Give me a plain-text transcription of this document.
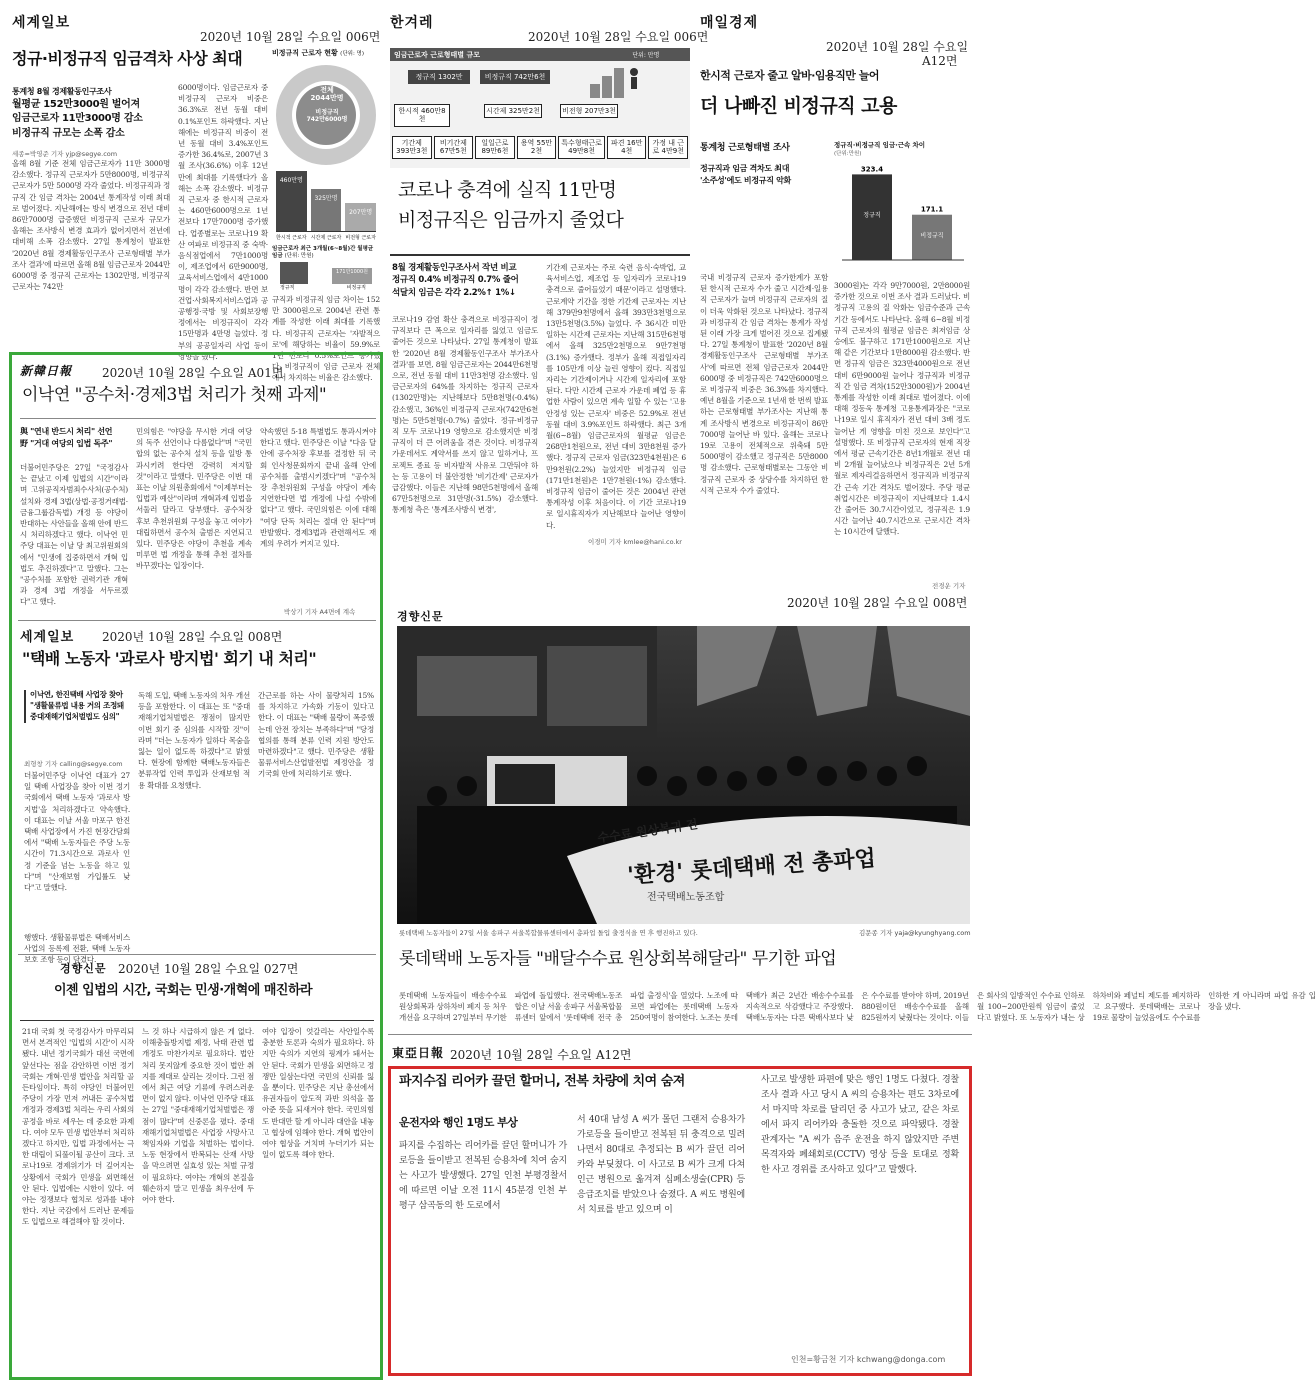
세계일보
2020년 10월 28일 수요일 006면
정규·비정규직 임금격차 사상 최대
통계청 8월 경제활동인구조사
월평균 152만3000원 벌어져
임금근로자 11만3000명 감소
비정규직 규모는 소폭 감소
세종=박영준 기자 yjp@segye.com
올해 8월 기준 전체 임금근로자가 11만 3000명 감소했다. 정규직 근로자가 5만8000명, 비정규직 근로자가 5만 5000명 각각 줄었다. 비정규직과 정규직 간 임금 격차는 2004년 통계작성 이래 최대로 벌어졌다. 지난해에는 방식 변경으로 전년 대비 86만7000명 급증했던 비정규직 근로자 규모가 올해는 조사방식 변경 효과가 없어지면서 전년에 대비해 소폭 감소했다. 27일 통계청이 발표한 '2020년 8월 경제활동인구조사 근로형태별 부가조사 결과'에 따르면 올해 8월 임금근로자 2044만6000명 중 정규직 근로자는 1302만명, 비정규직 근로자는 742만
6000명이다. 임금근로자 중 비정규직 근로자 비중은 36.3%로 전년 동월 대비 0.1%포인트 하락했다. 지난해에는 비정규직 비중이 전년 동월 대비 3.4%포인트 증가한 36.4%로, 2007년 3월 조사(36.6%) 이후 12년 만에 최대를 기록했다가 올해는 소폭 감소했다. 비정규직 근로자 중 한시적 근로자는 460만6000명으로 1년 전보다 17만7000명 증가했다. 업종별로는 코로나19 확산 여파로 비정규직 중 숙박·음식점업에서 7만1000명이, 제조업에서 6만9000명, 교육서비스업에서 4만1000명이 각각 감소했다. 반면 보건업·사회복지서비스업과 공공행정·국방 및 사회보장행정에서는 비정규직이 각각 15만명과 4만명 늘었다. 정부의 공공일자리 사업 등이 영향을 줬다.
비정규직 근로자 현황 (단위: 명)
전체
2044만명
비정규직
742만6000명
460만명
325만명
207만명
한시적 근로자 시간제 근로자 비전형 근로자
임금근로자 최근 3개월(6~8월)간 월평균 임금 (단위: 만원)
171만1000원
정규직	비정규직
규직과 비정규직 임금 차이는 152만 3000원으로 2004년 관련 통계를 작성한 이래 최대를 기록했다. 비정규직 근로자는 '자발적으로'에 해당하는 비율이 59.9%로 1년 전보다 0.5%포인트 증가했다. 비정규직이 임금 근로자 전체에서 차지하는 비율은 감소했다.
한겨레
2020년 10월 28일 수요일 006면
임금근로자 근로형태별 규모	단위: 만명
정규직 1302만	비정규직 742만6천
한시적 460만8천
시간제 325만2천	비전형 207만3천
기간제 393만3천
비기간제 67만5천
일일근로 89만6천
용역 55만2천
특수형태근로 49만8천
파견 16만4천
가정 내 근로 4만9천
코로나 충격에 실직 11만명
비정규직은 임금까지 줄었다
8월 경제활동인구조사서 작년 비교
정규직 0.4% 비정규직 0.7% 줄어
석달치 임금은 각각 2.2%↑ 1%↓
코로나19 감염 확산 충격으로 비정규직이 정규직보다 큰 폭으로 일자리를 잃었고 임금도 줄어든 것으로 나타났다. 27일 통계청이 발표한 '2020년 8월 경제활동인구조사 부가조사 결과'를 보면, 8월 임금근로자는 2044만6천명으로, 전년 동월 대비 11만3천명 감소했다. 임금근로자의 64%를 차지하는 정규직 근로자(1302만명)는 지난해보다 5만8천명(-0.4%) 감소했고, 36%인 비정규직 근로자(742만6천명)는 5만5천명(-0.7%) 줄었다. 정규·비정규직 모두 코로나19 영향으로 감소했지만 비정규직이 더 큰 어려움을 겪은 것이다. 비정규직 가운데서도 계약서를 쓰지 않고 일하거나, 프로젝트 종료 등 비자발적 사유로 그만둬야 하는 등 고용이 더 불안정한 '비기간제' 근로자가 급감했다. 이들은 지난해 98만5천명에서 올해 67만5천명으로 31만명(-31.5%) 감소했다. 통계청 측은 '통계조사방식 변경',
기간제 근로자는 주로 숙련 음식·숙박업, 교육서비스업, 제조업 등 일자리가 코로나19 충격으로 줄어들었기 때문'이라고 설명했다. 근로계약 기간을 정한 기간제 근로자는 지난해 379만9천명에서 올해 393만3천명으로 13만5천명(3.5%) 늘었다. 주 36시간 미만 일하는 시간제 근로자는 지난해 315만6천명에서 올해 325만2천명으로 9만7천명(3.1%) 증가했다. 정부가 올해 직접일자리를 105만개 이상 늘린 영향이 컸다. 직접일자리는 기간제이거나 시간제 일자리에 포함된다. 다만 시간제 근로자 가운데 폐업 등 휴업한 사람이 있으면 계속 일할 수 있는 '고용안정성 있는 근로자' 비중은 52.9%로 전년 동월 대비 3.9%포인트 하락했다. 최근 3개월(6~8월) 임금근로자의 월평균 임금은 268만1천원으로, 전년 대비 3만8천원 증가했다. 정규직 근로자 임금(323만4천원)은 6만9천원(2.2%) 늘었지만 비정규직 임금(171만1천원)은 1만7천원(-1%) 감소했다. 비정규직 임금이 줄어든 것은 2004년 관련 통계작성 이후 처음이다. 이 기간 코로나19로 일시휴직자가 지난해보다 늘어난 영향이다.
이경미 기자 kmlee@hani.co.kr
매일경제
2020년 10월 28일 수요일
A12면
한시적 근로자 줄고 알바·임용직만 늘어
더 나빠진 비정규직 고용
통계청 근로형태별 조사
정규직과 임금 격차도 최대
'소주성'에도 비정규직 악화
정규직·비정규직 임금·근속 차이
(단위:만원)
323.4
정규직
171.1
비정규직
국내 비정규직 근로자 증가한계가 포함된 한시적 근로자 수가 줄고 시간제·일용직 근로자가 늘며 비정규직 근로자의 질이 더욱 악화된 것으로 나타났다. 정규직과 비정규직 간 임금 격차는 통계가 작성된 이래 가장 크게 벌어진 것으로 집계됐다. 27일 통계청이 발표한 '2020년 8월 경제활동인구조사 근로형태별 부가조사'에 따르면 전체 임금근로자 2044만6000명 중 비정규직은 742만6000명으로 비정규직 비중은 36.3%를 차지했다. 예년 8월을 기준으로 1년새 한 번씩 발표하는 근로형태별 부가조사는 지난해 통계 조사방식 변경으로 비정규직이 86만7000명 늘어난 바 있다. 올해는 코로나19로 고용이 전체적으로 위축돼 5만5000명이 감소했고 정규직은 5만8000명 감소했다. 근로형태별로는 그동안 비정규직 근로자 중 상당수를 차지하던 한시적 근로자 수가 줄었다.
3000원)는 각각 9만7000원, 2만8000원 증가한 것으로 이번 조사 결과 드러났다. 비정규직 고용의 질 악화는 임금수준과 근속 기간 등에서도 나타난다. 올해 6~8월 비정규직 근로자의 월평균 임금은 최저임금 상승에도 불구하고 171만1000원으로 지난해 같은 기간보다 1만8000원 감소했다. 반면 정규직 임금은 323만4000원으로 전년 대비 6만9000원 늘어나 정규직과 비정규직 간 임금 격차(152만3000원)가 2004년 통계를 작성한 이래 최대로 벌어졌다. 이에 대해 정동욱 통계청 고용통계과장은 "코로나19로 일시 휴직자가 전년 대비 3배 정도 늘어난 게 영향을 미친 것으로 보인다"고 설명했다. 또 비정규직 근로자의 현재 직장에서 평균 근속기간은 8년1개월로 전년 대비 2개월 늘어났으나 비정규직은 2년 5개월로 제자리걸음하면서 정규직과 비정규직 간 근속 기간 격차도 벌어졌다. 주당 평균 취업시간은 비정규직이 지난해보다 1.4시간 줄어든 30.7시간이었고, 정규직은 1.9시간 늘어난 40.7시간으로 근로시간 격차는 10시간에 달했다.
전경운 기자
2020년 10월 28일 수요일 008면
경향신문
수수료 원상복귀 전
'환경' 롯데택배 전 총파업
전국택배노동조합
롯데택배 노동자들이 27일 서울 송파구 서울복합물류센터에서 총파업 돌입 출정식을 연 후 행진하고 있다.	김문종 기자 yaja@kyunghyang.com
롯데택배 노동자들 "배달수수료 원상회복해달라" 무기한 파업
롯데택배 노동자들이 배송수수료 원상회복과 상하차비 폐지 등 처우 개선을 요구하며 27일부터 무기한 파업에 돌입했다. 전국택배노동조합은 이날 서울 송파구 서울복합물류센터 앞에서 '롯데택배 전국 총파업 출정식'을 열었다. 노조에 따르면 파업에는 롯데택배 노동자 250여명이 참여한다. 노조는 롯데택배가 최근 2년간 배송수수료를 지속적으로 삭감했다고 주장했다. 택배노동자는 다른 택배사보다 낮은 수수료를 받아야 하며, 2019년 880원이던 배송수수료를 올해 825원까지 낮췄다는 것이다. 이들은 회사의 일방적인 수수료 인하로 월 100~200만원씩 임금이 줄었다고 밝혔다. 또 노동자가 내는 상하차비와 페널티 제도를 폐지하라고 요구했다. 롯데택배는 코로나19로 물량이 늘었음에도 수수료를 인하한 게 아니라며 파업 유감 입장을 냈다.
新韓日報 2020년 10월 28일 수요일 A01면
이낙연 "공수처·경제3법 처리가 첫째 과제"
與 "연내 반드시 처리" 선언
野 "거대 여당의 입법 독주"
더불어민주당은 27일 "국정감사는 끝났고 이제 입법의 시간"이라며 고위공직자범죄수사처(공수처) 설치와 경제 3법(상법·공정거래법·금융그룹감독법) 개정 등 야당이 반대하는 사안들을 올해 안에 반드시 처리하겠다고 했다. 이낙연 민주당 대표는 이날 당 최고위원회의에서 "민생에 집중하면서 개혁 입법도 추진하겠다"고 말했다. 그는 "공수처를 포함한 권력기관 개혁과 경제 3법 개정을 서두르겠다"고 했다.
민의힘은 "야당을 무시한 거대 여당의 독주 선언이나 다름없다"며 "국민 합의 없는 공수처 설치 등을 일방 통과시키려 한다면 강력히 저지할 것"이라고 말했다. 민주당은 이번 대표는 이날 의원총회에서 "이제부터는 입법과 예산"이라며 개혁과제 입법을 서둘러 달라고 당부했다. 공수처장 후보 추천위원회 구성을 놓고 여야가 대립하면서 공수처 출범은 지연되고 있다. 민주당은 야당이 추천을 계속 미루면 법 개정을 통해 추천 절차를 바꾸겠다는 입장이다.
약속했던 5·18 특별법도 통과시켜야 한다고 했다. 민주당은 이날 "다음 달 안에 공수처장 후보를 결정한 뒤 국회 인사청문회까지 끝내 올해 안에 공수처를 출범시키겠다"며 "공수처장 추천위원회 구성을 야당이 계속 지연한다면 법 개정에 나설 수밖에 없다"고 했다. 국민의힘은 이에 대해 "여당 단독 처리는 절대 안 된다"며 반발했다. 경제3법과 관련해서도 재계의 우려가 커지고 있다.
박상기 기자 A4면에 계속
세계일보 2020년 10월 28일 수요일 008면
"택배 노동자 '과로사 방지법' 회기 내 처리"
이낙연, 한진택배 사업장 찾아
"생활물류법 내용 거의 조정돼
중대재해기업처벌법도 심의"
최형창 기자 calling@segye.com
더불어민주당 이낙연 대표가 27일 택배 사업장을 찾아 이번 정기국회에서 택배 노동자 '과로사 방지법'을 처리하겠다고 약속했다. 이 대표는 이날 서울 마포구 한진택배 사업장에서 가진 현장간담회에서 "택배 노동자들은 주당 노동시간이 71.3시간으로 과로사 인정 기준을 넘는 노동을 하고 있다"며 "산재보험 가입률도 낮다"고 말했다.
독해 도입, 택배 노동자의 처우 개선 등을 포함한다. 이 대표는 또 "중대재해기업처벌법은 쟁점이 많지만 이번 회기 중 심의를 시작할 것"이라며 "더는 노동자가 일하다 목숨을 잃는 일이 없도록 하겠다"고 밝혔다. 현장에 함께한 택배노동자들은 분류작업 인력 투입과 산재보험 적용 확대를 요청했다.
간근로를 하는 사이 물량처리 15%를 차지하고 가속화 기동이 있다고 한다. 이 대표는 "택배 물량이 폭증했는데 안전 장치는 부족하다"며 "당정 협의를 통해 분류 인력 지원 방안도 마련하겠다"고 했다. 민주당은 생활물류서비스산업발전법 제정안을 정기국회 안에 처리하기로 했다.
행했다. 생활물류법은 택배서비스사업의 등록제 전환, 택배 노동자 보호 조항 등이 담겼다.
경향신문 2020년 10월 28일 수요일 027면
이젠 입법의 시간, 국회는 민생·개혁에 매진하라
21대 국회 첫 국정감사가 마무리되면서 본격적인 '입법의 시간'이 시작됐다. 내년 정기국회가 대선 국면에 앞선다는 점을 감안하면 이번 정기국회는 개혁·민생 법안을 처리할 골든타임이다. 특히 야당인 더불어민주당이 가장 먼저 꺼내든 공수처법 개정과 경제3법 처리는 우리 사회의 공정을 바로 세우는 데 중요한 과제다. 여야 모두 민생 법안부터 처리하겠다고 하지만, 입법 과정에서는 극한 대립이 되풀이될 공산이 크다. 코로나19로 경제위기가 더 깊어지는 상황에서 국회가 민생을 외면해선 안 된다. 입법에는 시한이 있다. 여야는 정쟁보다 협치로 성과를 내야 한다. 지난 국감에서 드러난 문제들도 입법으로 해결해야 할 것이다.
느 것 하나 시급하지 않은 게 없다. 이해충돌방지법 제정, 낙태 관련 법 개정도 마찬가지로 필요하다. 법안 처리 못지않게 중요한 것이 법안 취지를 제대로 살리는 것이다. 그런 점에서 최근 여당 기류에 우려스러운 면이 없지 않다. 이낙연 민주당 대표는 27일 "중대재해기업처벌법은 쟁점이 많다"며 신중론을 폈다. 중대재해기업처벌법은 사업장 사망사고 책임자와 기업을 처벌하는 법이다. 노동 현장에서 반복되는 산재 사망을 막으려면 실효성 있는 처벌 규정이 필요하다. 여야는 개혁의 본질을 훼손하지 말고 민생을 최우선에 두어야 한다.
여야 입장이 엇갈리는 사안일수록 충분한 토론과 숙의가 필요하다. 하지만 숙의가 지연의 핑계가 돼서는 안 된다. 국회가 민생을 외면하고 정쟁만 일삼는다면 국민의 신뢰를 잃을 뿐이다. 민주당은 지난 총선에서 유권자들이 압도적 과반 의석을 몰아준 뜻을 되새겨야 한다. 국민의힘도 반대만 할 게 아니라 대안을 내놓고 협상에 임해야 한다. 개혁 법안이 여야 협상을 거치며 누더기가 되는 일이 없도록 해야 한다.
東亞日報 2020년 10월 28일 수요일 A12면
파지수집 리어카 끌던 할머니, 전복 차량에 치여 숨져
운전자와 행인 1명도 부상
파지를 수집하는 리어카를 끌던 할머니가 가로등을 들이받고 전복된 승용차에 치여 숨지는 사고가 발생했다. 27일 인천 부평경찰서에 따르면 이날 오전 11시 45분경 인천 부평구 삼곡동의 한 도로에서
서 40대 남성 A 씨가 몰던 그랜저 승용차가 가로등을 들이받고 전복된 뒤 충격으로 밀려나면서 80대로 추정되는 B 씨가 끌던 리어카와 부딪쳤다. 이 사고로 B 씨가 크게 다쳐 인근 병원으로 옮겨져 심폐소생술(CPR) 등 응급조치를 받았으나 숨졌다. A 씨도 병원에서 치료를 받고 있으며 이
사고로 발생한 파편에 맞은 행인 1명도 다쳤다. 경찰 조사 결과 사고 당시 A 씨의 승용차는 편도 3차로에서 마지막 차로를 달리던 중 사고가 났고, 같은 차로에서 파지 리어카와 충돌한 것으로 파악됐다. 경찰 관계자는 "A 씨가 음주 운전을 하지 않았지만 주변 목격자와 폐쇄회로(CCTV) 영상 등을 토대로 정확한 사고 경위를 조사하고 있다"고 말했다.
인천=황금천 기자 kchwang@donga.com
